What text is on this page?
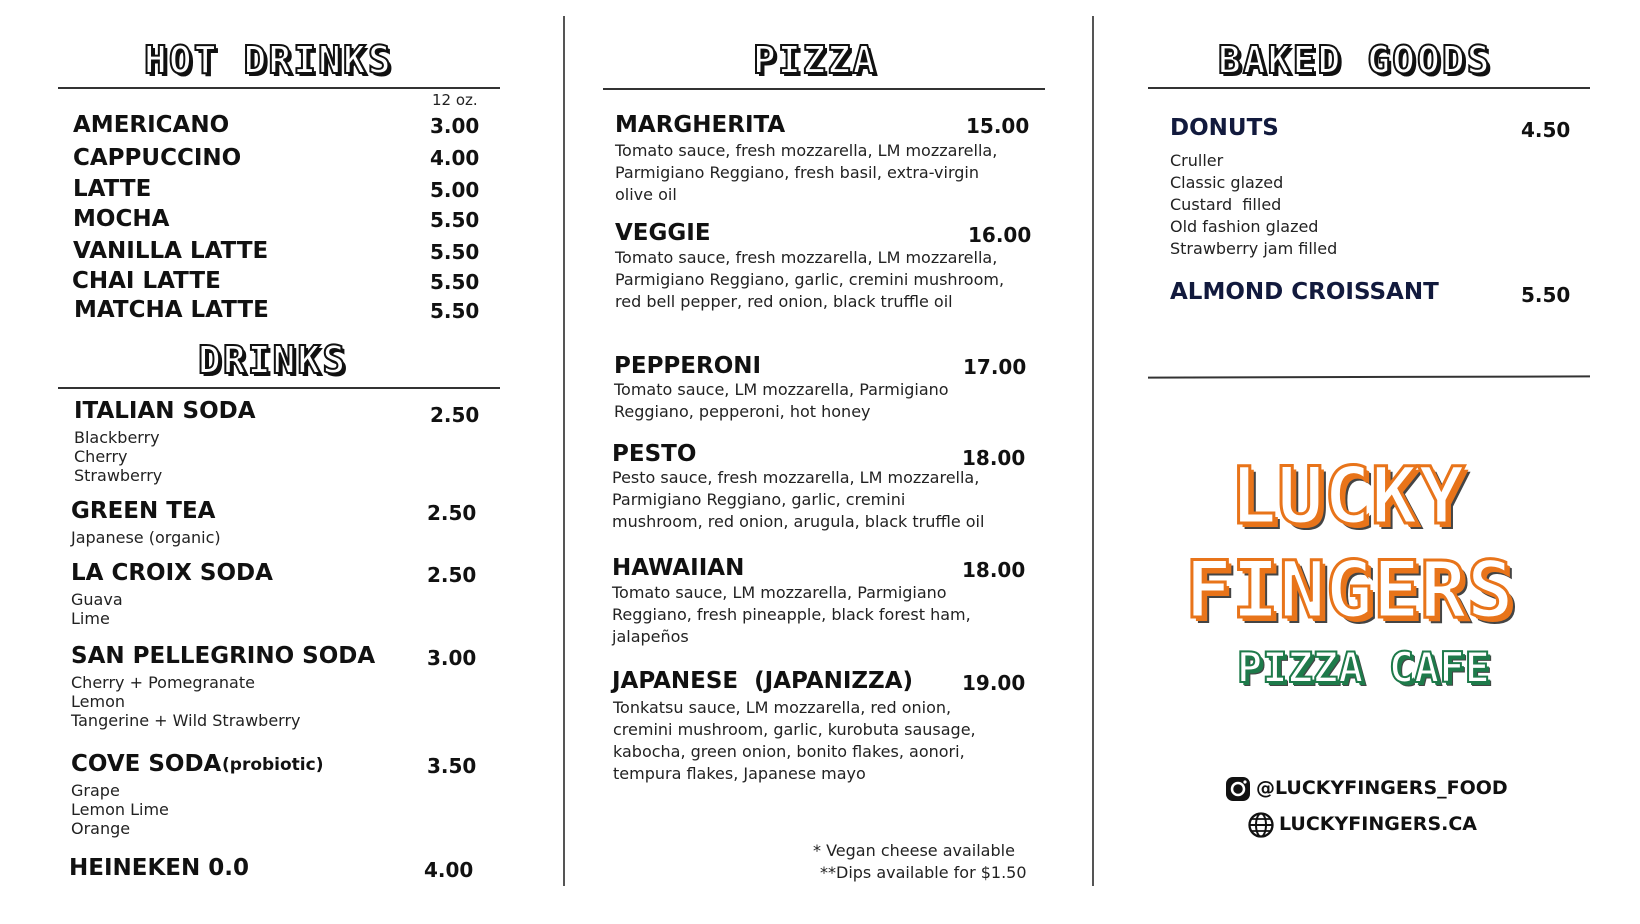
HOT DRINKS
12 oz.
AMERICANO	3.00
CAPPUCCINO	4.00
LATTE	5.00
MOCHA	5.50
VANILLA LATTE	5.50
CHAI LATTE	5.50
MATCHA LATTE	5.50
DRINKS
ITALIAN SODA	2.50
Blackberry
Cherry
Strawberry
GREEN TEA	2.50
Japanese (organic)
LA CROIX SODA	2.50
Guava
Lime
SAN PELLEGRINO SODA	3.00
Cherry + Pomegranate
Lemon
Tangerine + Wild Strawberry
COVE SODA (probiotic)	3.50
Grape
Lemon Lime
Orange
HEINEKEN 0.0	4.00
PIZZA
MARGHERITA	15.00
Tomato sauce, fresh mozzarella, LM mozzarella, Parmigiano Reggiano, fresh basil, extra-virgin olive oil
VEGGIE	16.00
Tomato sauce, fresh mozzarella, LM mozzarella, Parmigiano Reggiano, garlic, cremini mushroom, red bell pepper, red onion, black truffle oil
PEPPERONI	17.00
Tomato sauce, LM mozzarella, Parmigiano Reggiano, pepperoni, hot honey
PESTO	18.00
Pesto sauce, fresh mozzarella, LM mozzarella, Parmigiano Reggiano, garlic, cremini mushroom, red onion, arugula, black truffle oil
HAWAIIAN	18.00
Tomato sauce, LM mozzarella, Parmigiano Reggiano, fresh pineapple, black forest ham, jalapeños
JAPANESE  (JAPANIZZA) 19.00
Tonkatsu sauce, LM mozzarella, red onion, cremini mushroom, garlic, kurobuta sausage, kabocha, green onion, bonito flakes, aonori, tempura flakes, Japanese mayo
* Vegan cheese available
**Dips available for $1.50
BAKED GOODS
DONUTS	4.50
Cruller
Classic glazed
Custard  filled
Old fashion glazed
Strawberry jam filled
ALMOND CROISSANT	5.50
LUCKY
FINGERS
PIZZA CAFE
@LUCKYFINGERS_FOOD
LUCKYFINGERS.CA
